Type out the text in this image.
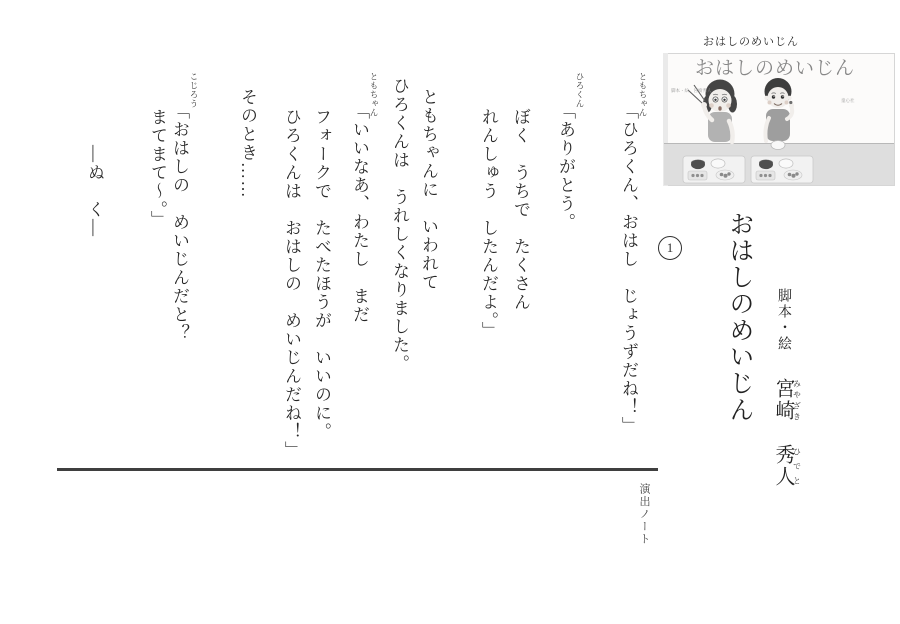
おはしのめいじん
おはしのめいじん
脚本・絵　宮崎秀人
童心社
1 おはしのめいじん	脚本・絵宮崎みやざき　秀人ひでと
ともちゃん
「ひろくん、おはし　じょうずだね！」
ひろくん
「ありがとう。
ぼく　うちで　たくさん
れんしゅう　したんだよ。」
ともちゃんに　いわれて
ひろくんは　うれしくなりました。
ともちゃん
「いいなあ、わたし　まだ
フォークで　たべたほうが　いいのに。
ひろくんは　おはしの　めいじんだね！」
そのとき……
こじろう
「おはしの　めいじんだと？
まてまて～。」
―ぬ　く―
演出ノート
